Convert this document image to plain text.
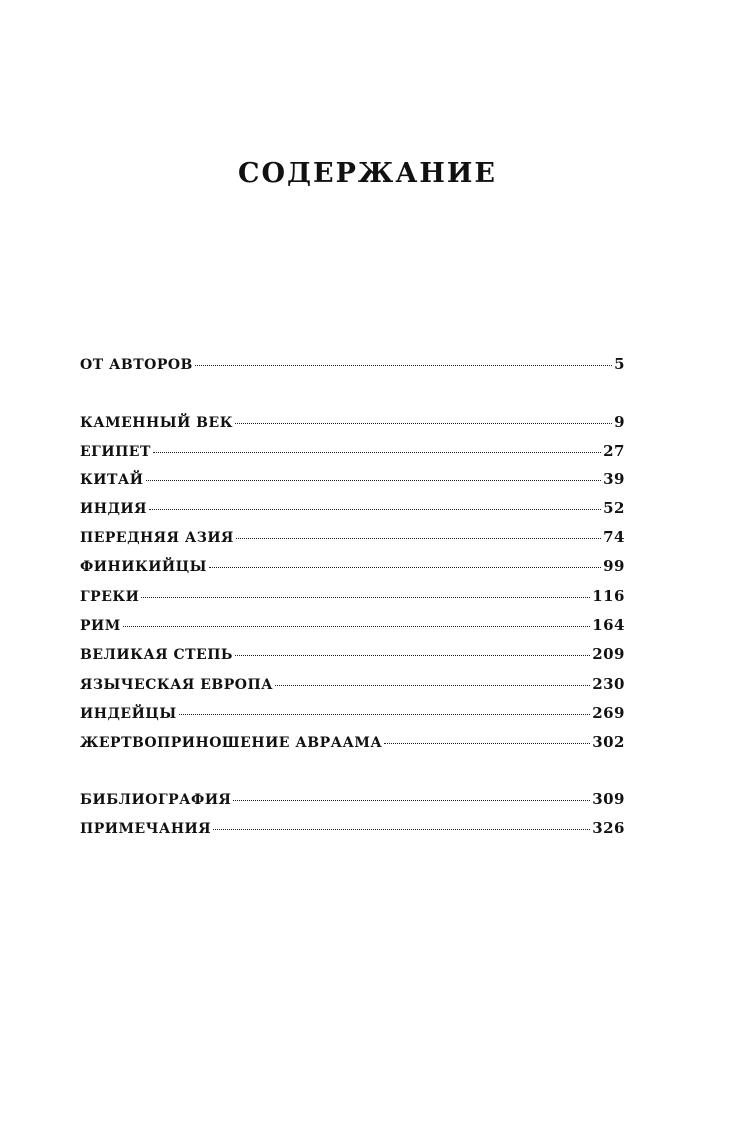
СОДЕРЖАНИЕ
ОТ АВТОРОВ	5
КАМЕННЫЙ ВЕК	9
ЕГИПЕТ	27
КИТАЙ	39
ИНДИЯ	52
ПЕРЕДНЯЯ АЗИЯ	74
ФИНИКИЙЦЫ	99
ГРЕКИ	116
РИМ	164
ВЕЛИКАЯ СТЕПЬ	209
ЯЗЫЧЕСКАЯ ЕВРОПА	230
ИНДЕЙЦЫ	269
ЖЕРТВОПРИНОШЕНИЕ АВРААМА	302
БИБЛИОГРАФИЯ	309
ПРИМЕЧАНИЯ	326
